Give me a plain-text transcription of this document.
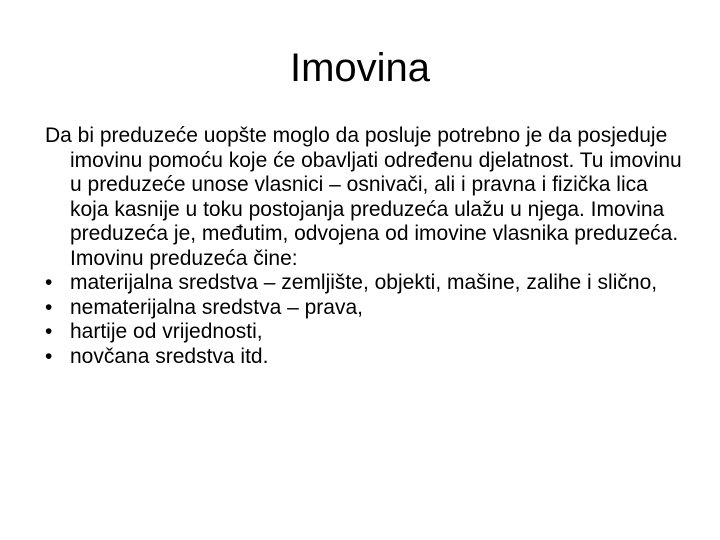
Imovina

Da bi preduzeće uopšte moglo da posluje potrebno je da posjeduje imovinu pomoću koje će obavljati određenu djelatnost. Tu imovinu u preduzeće unose vlasnici – osnivači, ali i pravna i fizička lica koja kasnije u toku postojanja preduzeća ulažu u njega. Imovina preduzeća je, međutim, odvojena od imovine vlasnika preduzeća. Imovinu preduzeća čine:

• materijalna sredstva – zemljište, objekti, mašine, zalihe i slično,
• nematerijalna sredstva – prava,
• hartije od vrijednosti,
• novčana sredstva itd.
